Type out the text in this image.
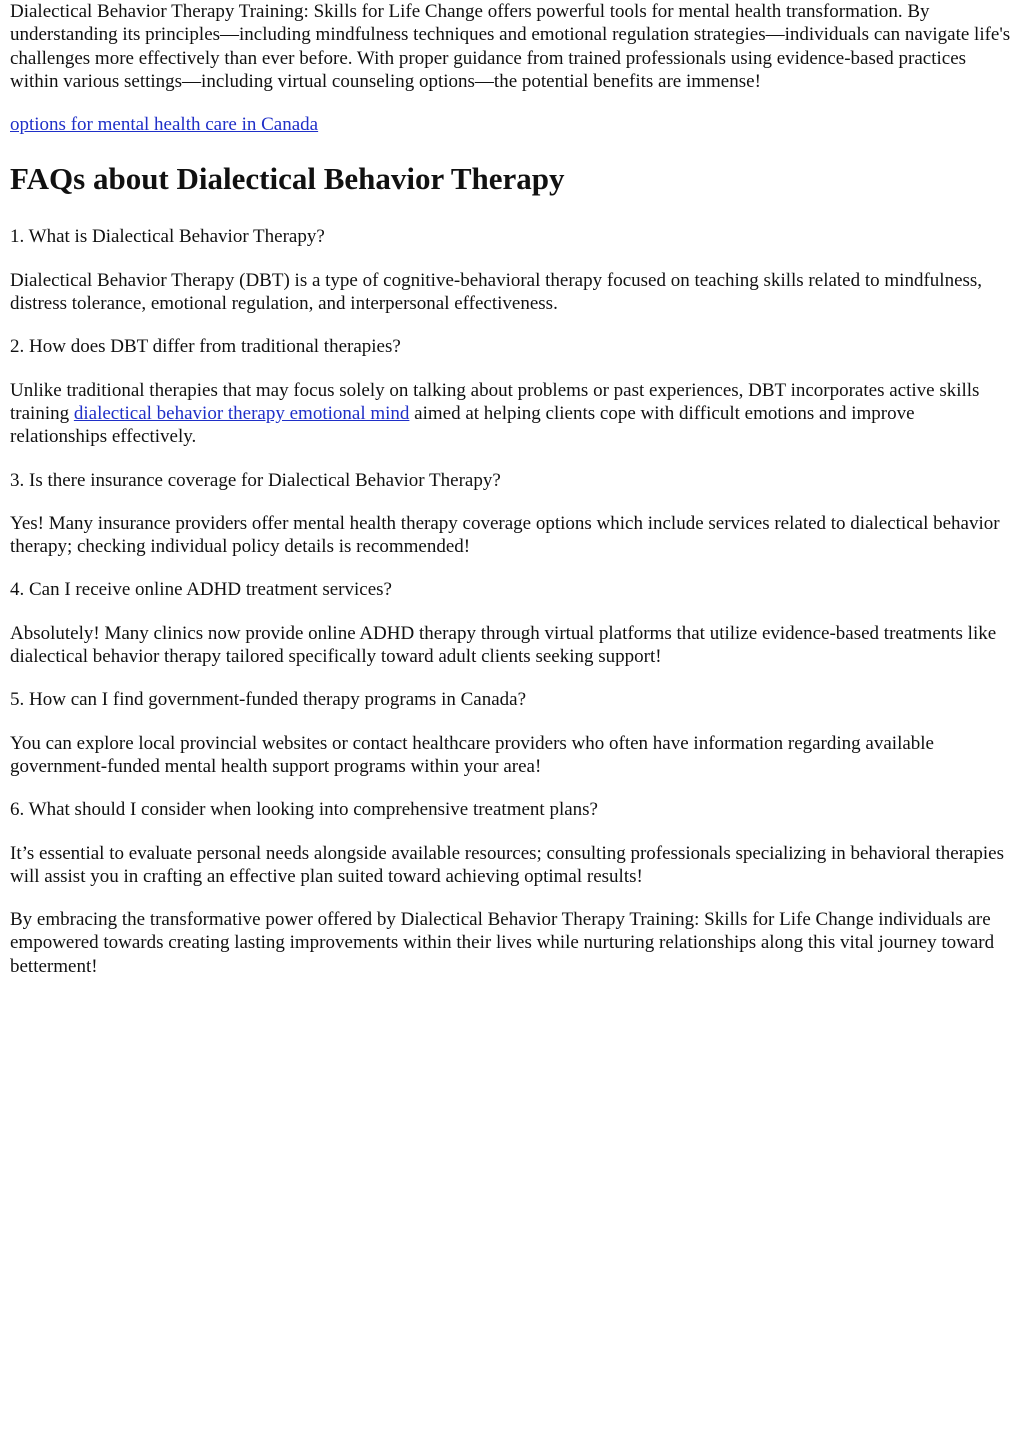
Dialectical Behavior Therapy Training: Skills for Life Change offers powerful tools for mental health transformation. By understanding its principles—including mindfulness techniques and emotional regulation strategies—individuals can navigate life's challenges more effectively than ever before. With proper guidance from trained professionals using evidence-based practices within various settings—including virtual counseling options—the potential benefits are immense!

options for mental health care in Canada

FAQs about Dialectical Behavior Therapy

1. What is Dialectical Behavior Therapy?

Dialectical Behavior Therapy (DBT) is a type of cognitive-behavioral therapy focused on teaching skills related to mindfulness, distress tolerance, emotional regulation, and interpersonal effectiveness.

2. How does DBT differ from traditional therapies?

Unlike traditional therapies that may focus solely on talking about problems or past experiences, DBT incorporates active skills training dialectical behavior therapy emotional mind aimed at helping clients cope with difficult emotions and improve relationships effectively.

3. Is there insurance coverage for Dialectical Behavior Therapy?

Yes! Many insurance providers offer mental health therapy coverage options which include services related to dialectical behavior therapy; checking individual policy details is recommended!

4. Can I receive online ADHD treatment services?

Absolutely! Many clinics now provide online ADHD therapy through virtual platforms that utilize evidence-based treatments like dialectical behavior therapy tailored specifically toward adult clients seeking support!

5. How can I find government-funded therapy programs in Canada?

You can explore local provincial websites or contact healthcare providers who often have information regarding available government-funded mental health support programs within your area!

6. What should I consider when looking into comprehensive treatment plans?

It’s essential to evaluate personal needs alongside available resources; consulting professionals specializing in behavioral therapies will assist you in crafting an effective plan suited toward achieving optimal results!

By embracing the transformative power offered by Dialectical Behavior Therapy Training: Skills for Life Change individuals are empowered towards creating lasting improvements within their lives while nurturing relationships along this vital journey toward betterment!
